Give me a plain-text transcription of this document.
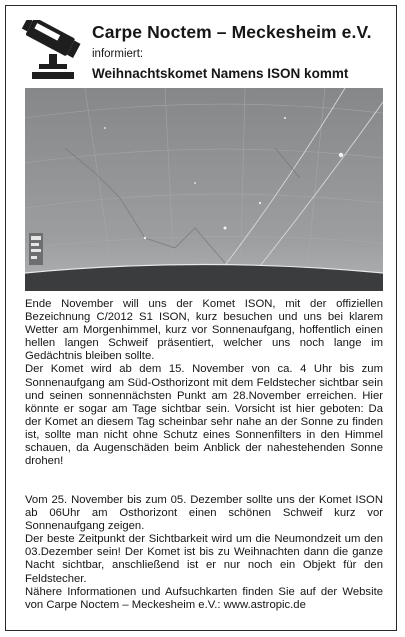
Carpe Noctem – Meckesheim e.V.
informiert:
Weihnachtskomet Namens ISON kommt

Ende November will uns der Komet ISON, mit der offiziellen Bezeichnung C/2012 S1 ISON, kurz besuchen und uns bei klarem Wetter am Morgenhimmel, kurz vor Sonnenaufgang, hoffentlich einen hellen langen Schweif präsentiert, welcher uns noch lange im Gedächtnis bleiben sollte.

Der Komet wird ab dem 15. November von ca. 4 Uhr bis zum Sonnenaufgang am Süd-Osthorizont mit dem Feldstecher sichtbar sein und seinen sonnennächsten Punkt am 28.November erreichen. Hier könnte er sogar am Tage sichtbar sein. Vorsicht ist hier geboten: Da der Komet an diesem Tag scheinbar sehr nahe an der Sonne zu finden ist, sollte man nicht ohne Schutz eines Sonnenfilters in den Himmel schauen, da Augenschäden beim Anblick der nahestehenden Sonne drohen!

Vom 25. November bis zum 05. Dezember sollte uns der Komet ISON ab 06Uhr am Osthorizont einen schönen Schweif kurz vor Sonnenaufgang zeigen.

Der beste Zeitpunkt der Sichtbarkeit wird um die Neumondzeit um den 03.Dezember sein! Der Komet ist bis zu Weihnachten dann die ganze Nacht sichtbar, anschließend ist er nur noch ein Objekt für den Feldstecher.

Nähere Informationen und Aufsuchkarten finden Sie auf der Website von Carpe Noctem – Meckesheim e.V.: www.astropic.de
